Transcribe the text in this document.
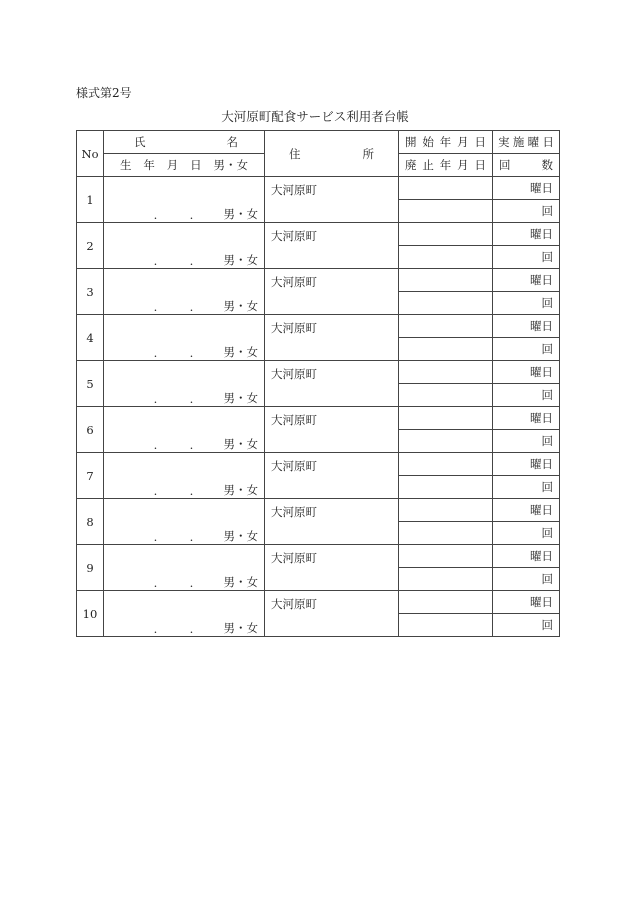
様式第2号
大河原町配食サービス利用者台帳
No	氏 名	住 所	開 始 年 月 日	実 施 曜 日

	生 年 月 日 男・女		廃 止 年 月 日	回 数

1		大河原町		曜日

	. . 男・女			回
2		大河原町		曜日

	. . 男・女			回
3		大河原町		曜日

	. . 男・女			回
4		大河原町		曜日

	. . 男・女			回
5		大河原町		曜日

	. . 男・女			回
6		大河原町		曜日

	. . 男・女			回
7		大河原町		曜日

	. . 男・女			回
8		大河原町		曜日

	. . 男・女			回
9		大河原町		曜日

	. . 男・女			回
10		大河原町		曜日

	. . 男・女			回
